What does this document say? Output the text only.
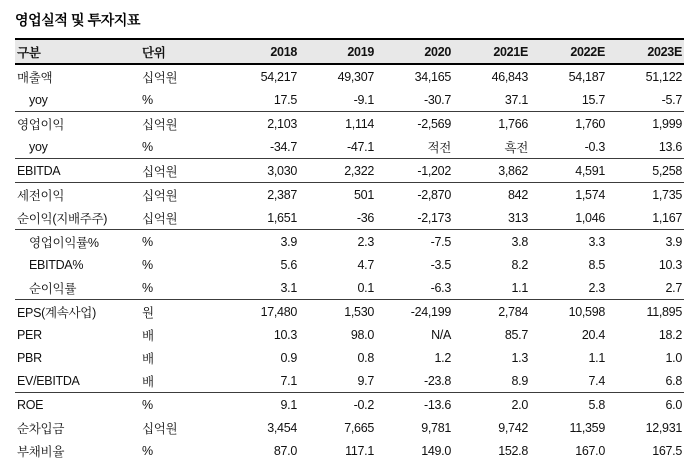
영업실적 및 투자지표
구분	단위	2018	2019	2020	2021E	2022E	2023E
매출액	십억원	54,217	49,307	34,165	46,843	54,187	51,122
yoy	%	17.5	-9.1	-30.7	37.1	15.7	-5.7
영업이익	십억원	2,103	1,114	-2,569	1,766	1,760	1,999
yoy	%	-34.7	-47.1	적전	흑전	-0.3	13.6
EBITDA	십억원	3,030	2,322	-1,202	3,862	4,591	5,258
세전이익	십억원	2,387	501	-2,870	842	1,574	1,735
순이익(지배주주)	십억원	1,651	-36	-2,173	313	1,046	1,167
영업이익률%	%	3.9	2.3	-7.5	3.8	3.3	3.9
EBITDA%	%	5.6	4.7	-3.5	8.2	8.5	10.3
순이익률	%	3.1	0.1	-6.3	1.1	2.3	2.7
EPS(계속사업)	원	17,480	1,530	-24,199	2,784	10,598	11,895
PER	배	10.3	98.0	N/A	85.7	20.4	18.2
PBR	배	0.9	0.8	1.2	1.3	1.1	1.0
EV/EBITDA	배	7.1	9.7	-23.8	8.9	7.4	6.8
ROE	%	9.1	-0.2	-13.6	2.0	5.8	6.0
순차입금	십억원	3,454	7,665	9,781	9,742	11,359	12,931
부채비율	%	87.0	117.1	149.0	152.8	167.0	167.5
